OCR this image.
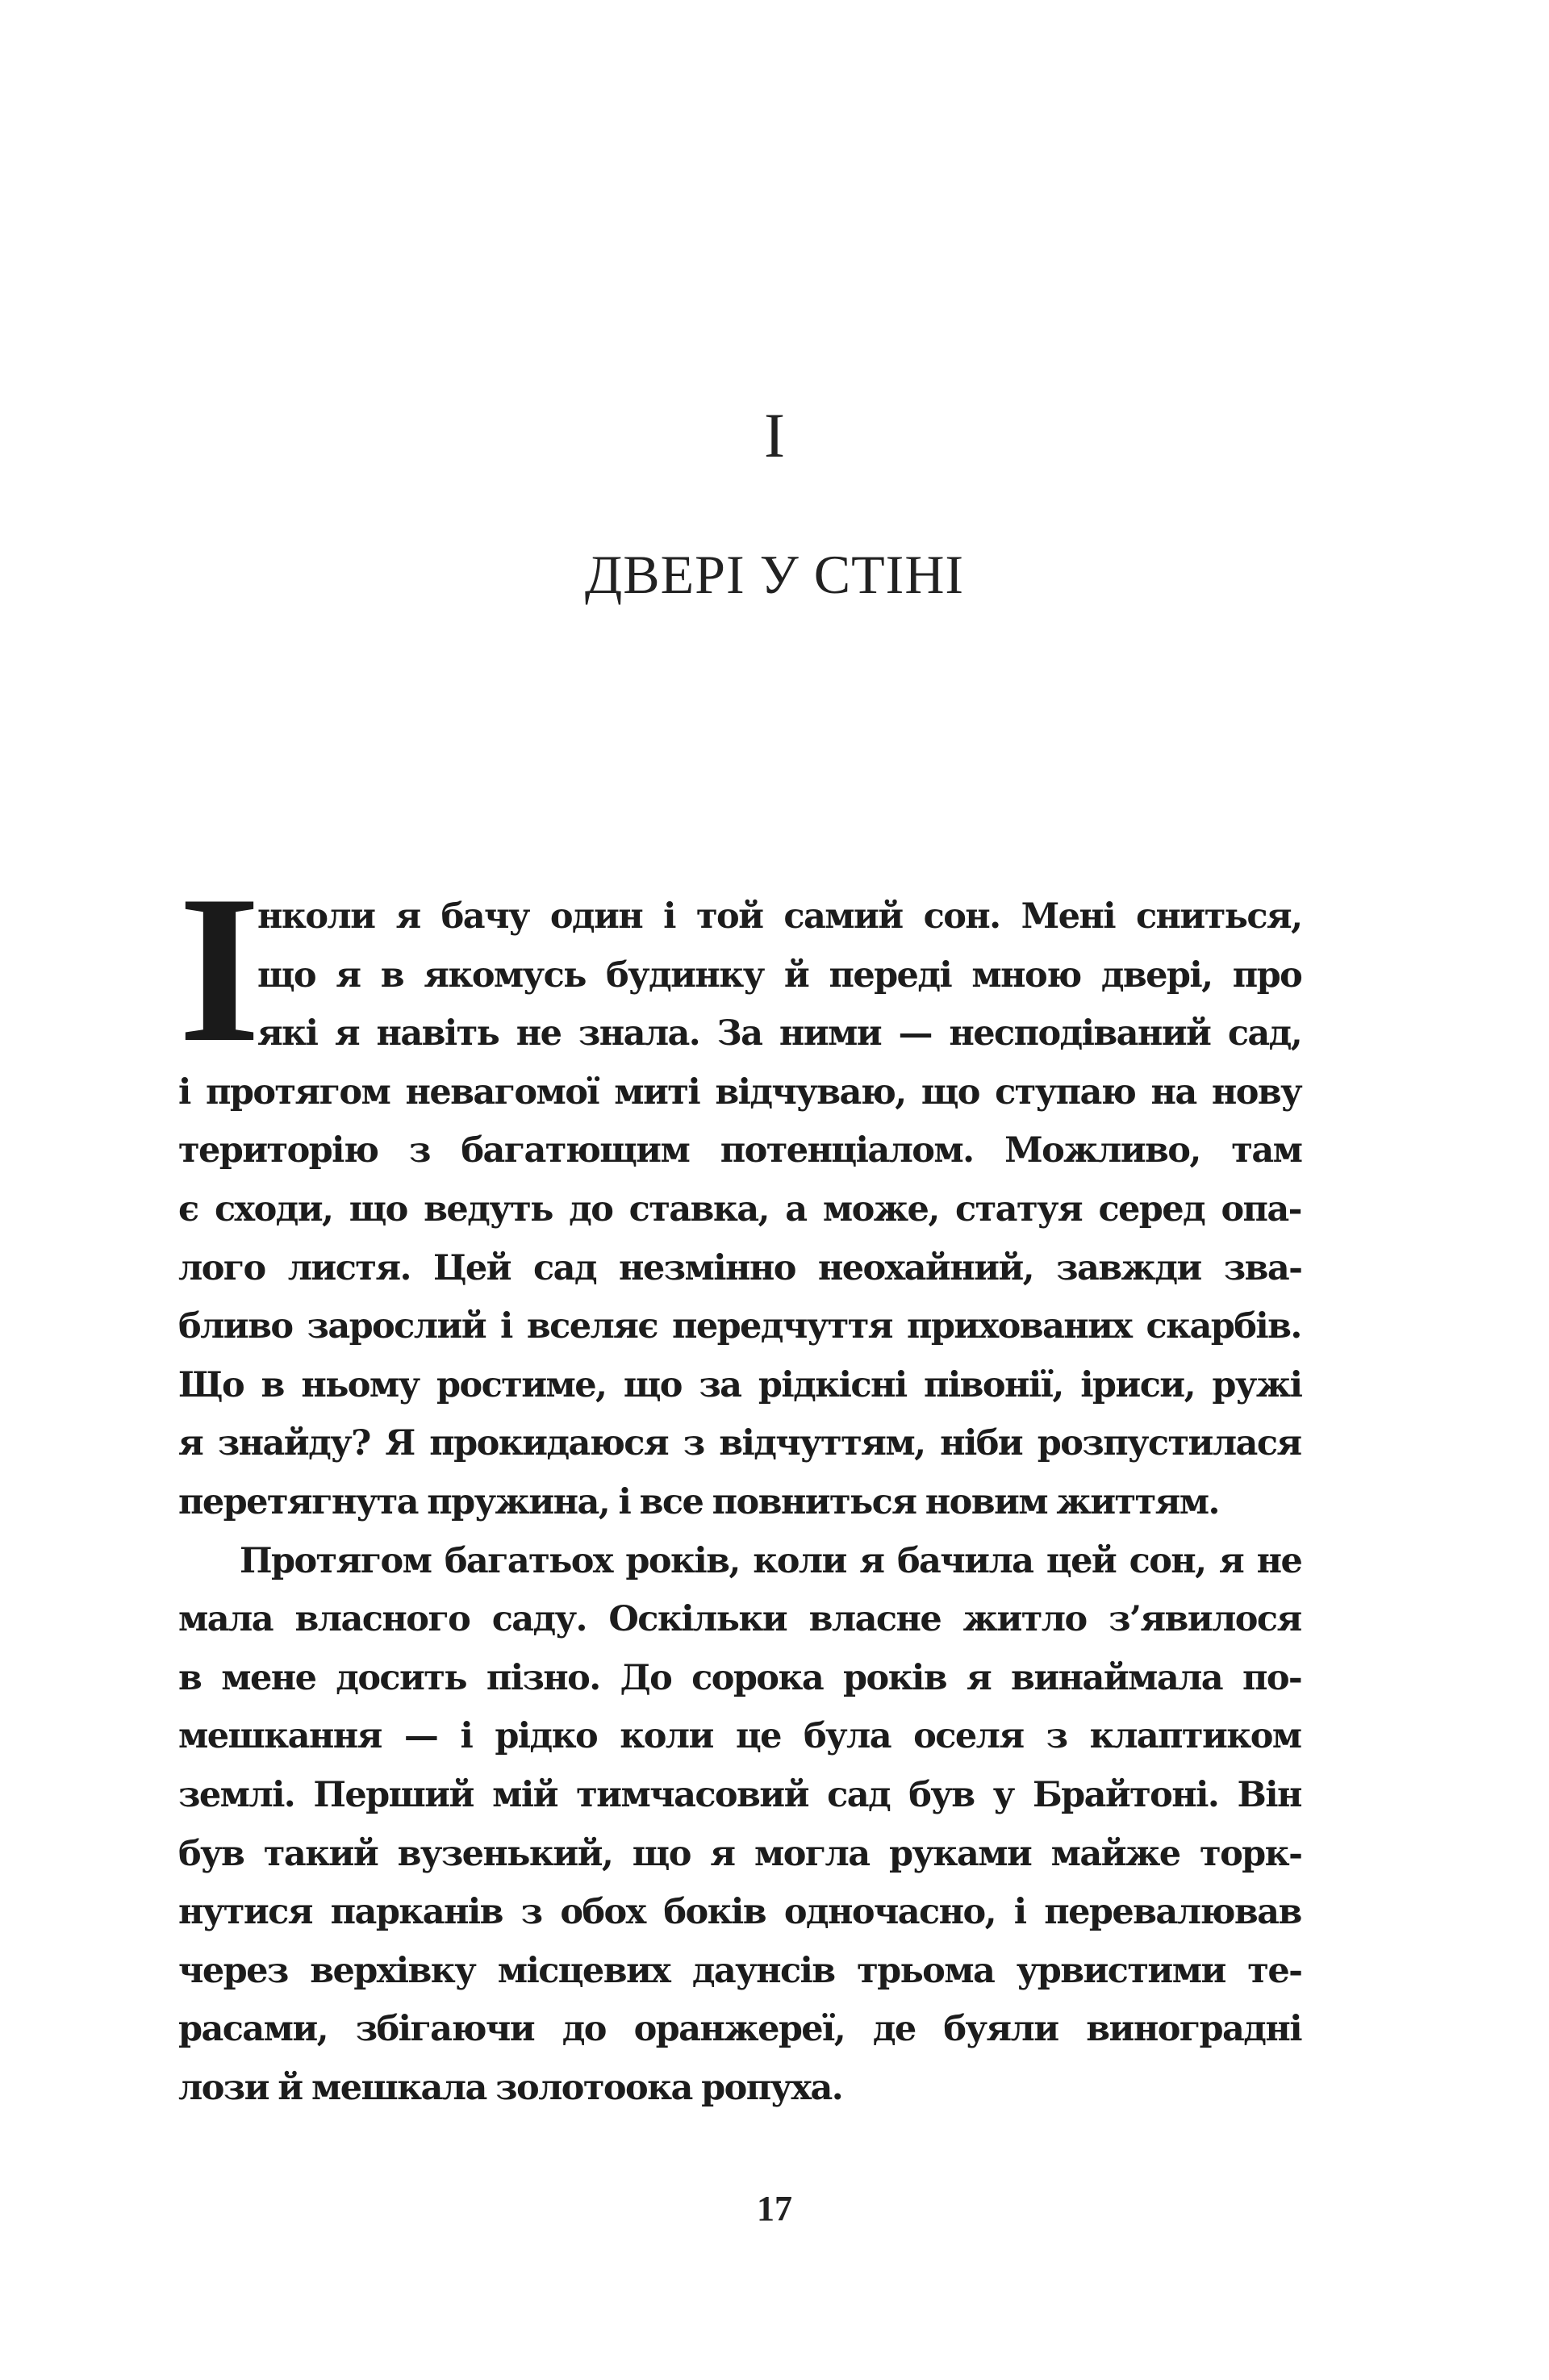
I
ДВЕРІ У СТІНІ
І
нколи я бачу один і той самий сон. Мені сниться,
що я в якомусь будинку й переді мною двері, про
які я навіть не знала. За ними — несподіваний сад,
і протягом невагомої миті відчуваю, що ступаю на нову
територію з багатющим потенціалом. Можливо, там
є сходи, що ведуть до ставка, а може, статуя серед опа-
лого листя. Цей сад незмінно неохайний, завжди зва-
бливо зарослий і вселяє передчуття прихованих скарбів.
Що в ньому ростиме, що за рідкісні півонії, іриси, ружі
я знайду? Я прокидаюся з відчуттям, ніби розпустилася
перетягнута пружина, і все повниться новим життям.
Протягом багатьох років, коли я бачила цей сон, я не
мала власного саду. Оскільки власне житло з’явилося
в мене досить пізно. До сорока років я винаймала по-
мешкання — і рідко коли це була оселя з клаптиком
землі. Перший мій тимчасовий сад був у Брайтоні. Він
був такий вузенький, що я могла руками майже торк-
нутися парканів з обох боків одночасно, і перевалював
через верхівку місцевих даунсів трьома урвистими те-
расами, збігаючи до оранжереї, де буяли виноградні
лози й мешкала золотоока ропуха.
17
